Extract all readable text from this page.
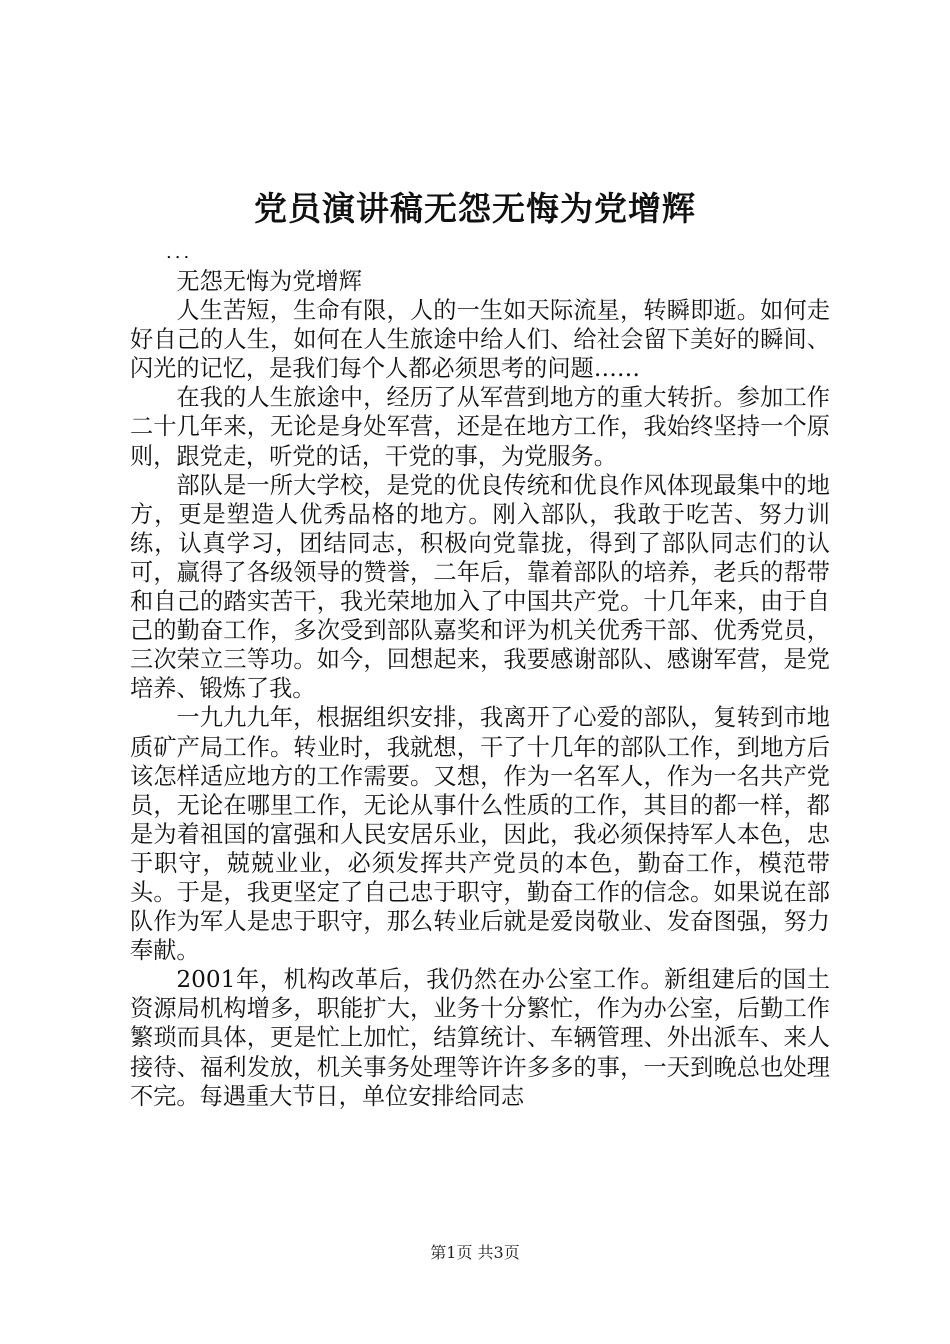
党员演讲稿无怨无悔为党增辉

...

无怨无悔为党增辉

人生苦短，生命有限，人的一生如天际流星，转瞬即逝。如何走好自己的人生，如何在人生旅途中给人们、给社会留下美好的瞬间、闪光的记忆，是我们每个人都必须思考的问题……

在我的人生旅途中，经历了从军营到地方的重大转折。参加工作二十几年来，无论是身处军营，还是在地方工作，我始终坚持一个原则，跟党走，听党的话，干党的事，为党服务。

部队是一所大学校，是党的优良传统和优良作风体现最集中的地方，更是塑造人优秀品格的地方。刚入部队，我敢于吃苦、努力训练，认真学习，团结同志，积极向党靠拢，得到了部队同志们的认可，赢得了各级领导的赞誉，二年后，靠着部队的培养，老兵的帮带和自己的踏实苦干，我光荣地加入了中国共产党。十几年来，由于自己的勤奋工作，多次受到部队嘉奖和评为机关优秀干部、优秀党员，三次荣立三等功。如今，回想起来，我要感谢部队、感谢军营，是党培养、锻炼了我。

一九九九年，根据组织安排，我离开了心爱的部队，复转到市地质矿产局工作。转业时，我就想，干了十几年的部队工作，到地方后该怎样适应地方的工作需要。又想，作为一名军人，作为一名共产党员，无论在哪里工作，无论从事什么性质的工作，其目的都一样，都是为着祖国的富强和人民安居乐业，因此，我必须保持军人本色，忠于职守，兢兢业业，必须发挥共产党员的本色，勤奋工作，模范带头。于是，我更坚定了自己忠于职守，勤奋工作的信念。如果说在部队作为军人是忠于职守，那么转业后就是爱岗敬业、发奋图强，努力奉献。

2001年，机构改革后，我仍然在办公室工作。新组建后的国土资源局机构增多，职能扩大，业务十分繁忙，作为办公室，后勤工作繁琐而具体，更是忙上加忙，结算统计、车辆管理、外出派车、来人接待、福利发放，机关事务处理等许许多多的事，一天到晚总也处理不完。每遇重大节日，单位安排给同志

第1页 共3页
